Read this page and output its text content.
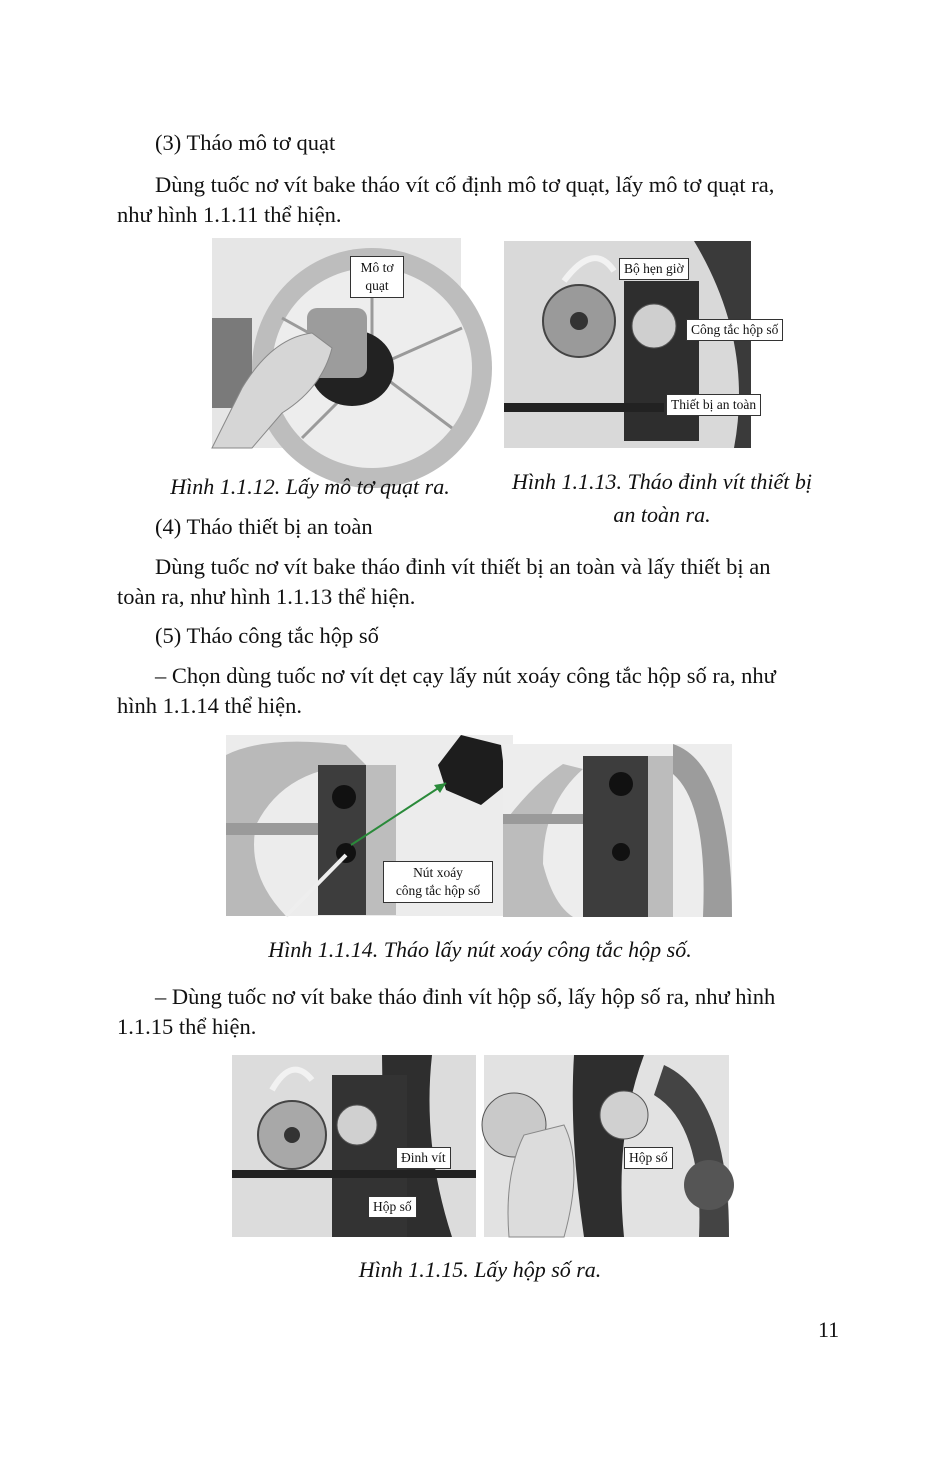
(3) Tháo mô tơ quạt

Dùng tuốc nơ vít bake tháo vít cố định mô tơ quạt, lấy mô tơ quạt ra,

như hình 1.1.11 thể hiện.

Mô tơ
quạt
Bộ hẹn giờ
Công tắc hộp số
Thiết bị an toàn

Hình 1.1.12. Lấy mô tơ quạt ra.	Hình 1.1.13. Tháo đinh vít thiết bị

an toàn ra.

(4) Tháo thiết bị an toàn

Dùng tuốc nơ vít bake tháo đinh vít thiết bị an toàn và lấy thiết bị an

toàn ra, như hình 1.1.13 thể hiện.

(5) Tháo công tắc hộp số

– Chọn dùng tuốc nơ vít dẹt cạy lấy nút xoáy công tắc hộp số ra, như

hình 1.1.14 thể hiện.

Nút xoáy
công tắc hộp số

Hình 1.1.14. Tháo lấy nút xoáy công tắc hộp số.

– Dùng tuốc nơ vít bake tháo đinh vít hộp số, lấy hộp số ra, như hình

1.1.15 thể hiện.

Đinh vít
Hộp số
Hộp số

Hình 1.1.15. Lấy hộp số ra.

11
